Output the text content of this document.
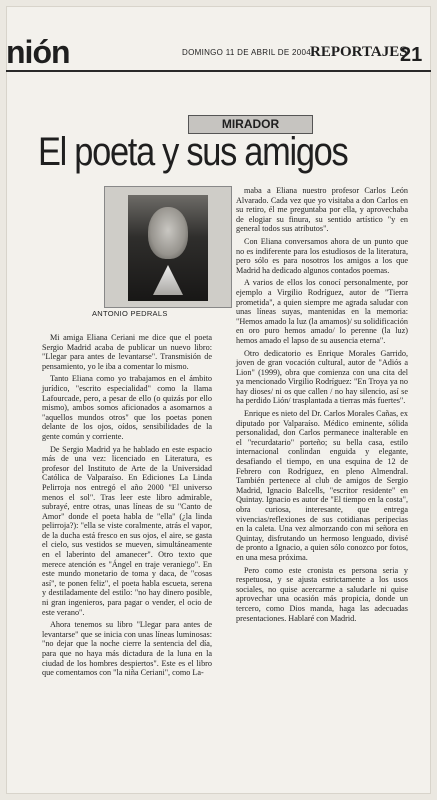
nión	DOMINGO 11 DE ABRIL DE 2004
REPORTAJES
21
MIRADOR
El poeta y sus amigos
ANTONIO PEDRALS

Mi amiga Eliana Ceriani me dice que el poeta Sergio Madrid acaba de publicar un nuevo libro: "Llegar para antes de levantarse". Transmisión de pensamiento, yo le iba a comentar lo mismo.

Tanto Eliana como yo trabajamos en el ámbito jurídico, "escrito especialidad" como la llama Lafourcade, pero, a pesar de ello (o quizás por ello mismo), ambos somos aficionados a asomarnos a "aquellos mundos otros" que los poetas ponen delante de los ojos, oídos, sensibilidades de la gente común y corriente.

De Sergio Madrid ya he hablado en este espacio más de una vez: licenciado en Literatura, es profesor del Instituto de Arte de la Universidad Católica de Valparaíso. En Ediciones La Linda Pelirroja nos entregó el año 2000 "El universo menos el sol". Tras leer este libro admirable, subrayé, entre otras, unas líneas de su "Canto de Amor" donde el poeta habla de "ella" (¿la linda pelirroja?): "ella se viste coralmente, atrás el vapor, de la ducha está fresco en sus ojos, el aire, se gasta el cielo, sus vestidos se mueven, simultáneamente en el laberinto del amanecer". Otro texto que merece atención es "Ángel en traje veraniego". En este mundo monetario de toma y daca, de "cosas así", te ponen feliz", el poeta habla escueta, serena y destiladamente del estilo: "no hay dinero posible, ni gran ingenieros, para pagar o vender, el ocio de este verano".

Ahora tenemos su libro "Llegar para antes de levantarse" que se inicia con unas líneas luminosas: "no dejar que la noche cierre la sentencia del día, para que no haya más dictadura de la luna en la ciudad de los hombres despiertos". Este es el libro que comentamos con "la niña Ceriani", como La-

maba a Eliana nuestro profesor Carlos León Alvarado. Cada vez que yo visitaba a don Carlos en su retiro, él me preguntaba por ella, y aprovechaba de elogiar su finura, su sentido artístico "y en general todos sus atributos".

Con Eliana conversamos ahora de un punto que no es indiferente para los estudiosos de la literatura, pero sólo es para nosotros los amigos a los que Madrid ha dedicado algunos contados poemas.

A varios de ellos los conocí personalmente, por ejemplo a Virgilio Rodríguez, autor de "Tierra prometida", a quien siempre me agrada saludar con unas líneas suyas, mantenidas en la memoria: "Hemos amado la luz (la amamos)/ su solidificación en oro puro hemos amado/ lo perenne (la luz) hemos amado el lapso de su ausencia eterna".

Otro dedicatorio es Enrique Morales Garrido, joven de gran vocación cultural, autor de "Adiós a Lion" (1999), obra que comienza con una cita del ya mencionado Virgilio Rodríguez: "En Troya ya no hay dioses/ ni os que callen / no hay silencio, así se ha perdido Lión/ trasplantada a tierras más fuertes".

Enrique es nieto del Dr. Carlos Morales Cañas, ex diputado por Valparaíso. Médico eminente, sólida personalidad, don Carlos permanece inalterable en el "recurdatario" porteño; su bella casa, estilo internacional conlindan enguida y elegante, desafiando el tiempo, en una esquina de 12 de Febrero con Rodríguez, en pleno Almendral. También pertenece al club de amigos de Sergio Madrid, Ignacio Balcells, "escritor residente" en Quintay. Ignacio es autor de "El tiempo en la costa", obra curiosa, interesante, que entrega vivencias/reflexiones de sus cotidianas peripecias en la caleta. Una vez almorzando con mi señora en Quintay, disfrutando un hermoso lenguado, divisé de pronto a Ignacio, a quien sólo conozco por fotos, en una mesa próxima.

Pero como este cronista es persona seria y respetuosa, y se ajusta estrictamente a los usos sociales, no quise acercarme a saludarle ni quise aprovechar una ocasión más propicia, donde un tercero, como Dios manda, haga las adecuadas presentaciones. Hablaré con Madrid.
